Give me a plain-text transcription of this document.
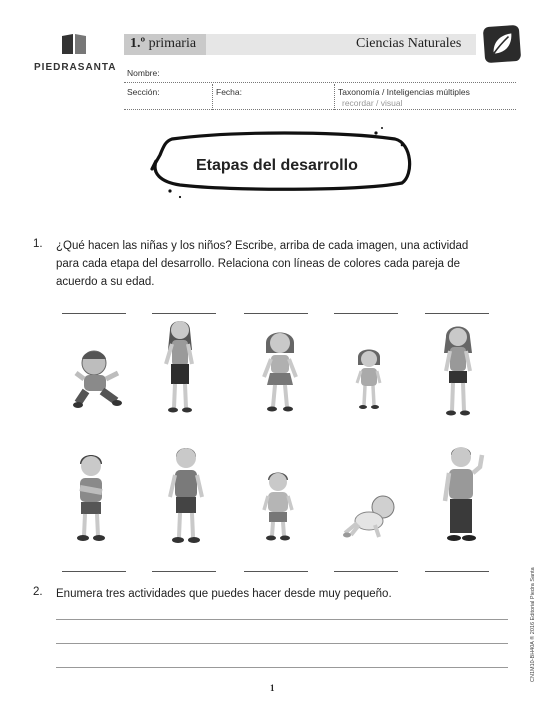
PIEDRASANTA
1.º primaria	Ciencias Naturales
Nombre:
Sección:	Fecha:	Taxonomía / Inteligencias múltiples
recordar / visual
Etapas del desarrollo
1. ¿Qué hacen las niñas y los niños? Escribe, arriba de cada imagen, una actividad
para cada etapa del desarrollo. Relaciona con líneas de colores cada pareja de
acuerdo a su edad.
2. Enumera tres actividades que puedes hacer desde muy pequeño.
1
CN1M10-BH40A ® 2016 Editorial Piedra Santa
